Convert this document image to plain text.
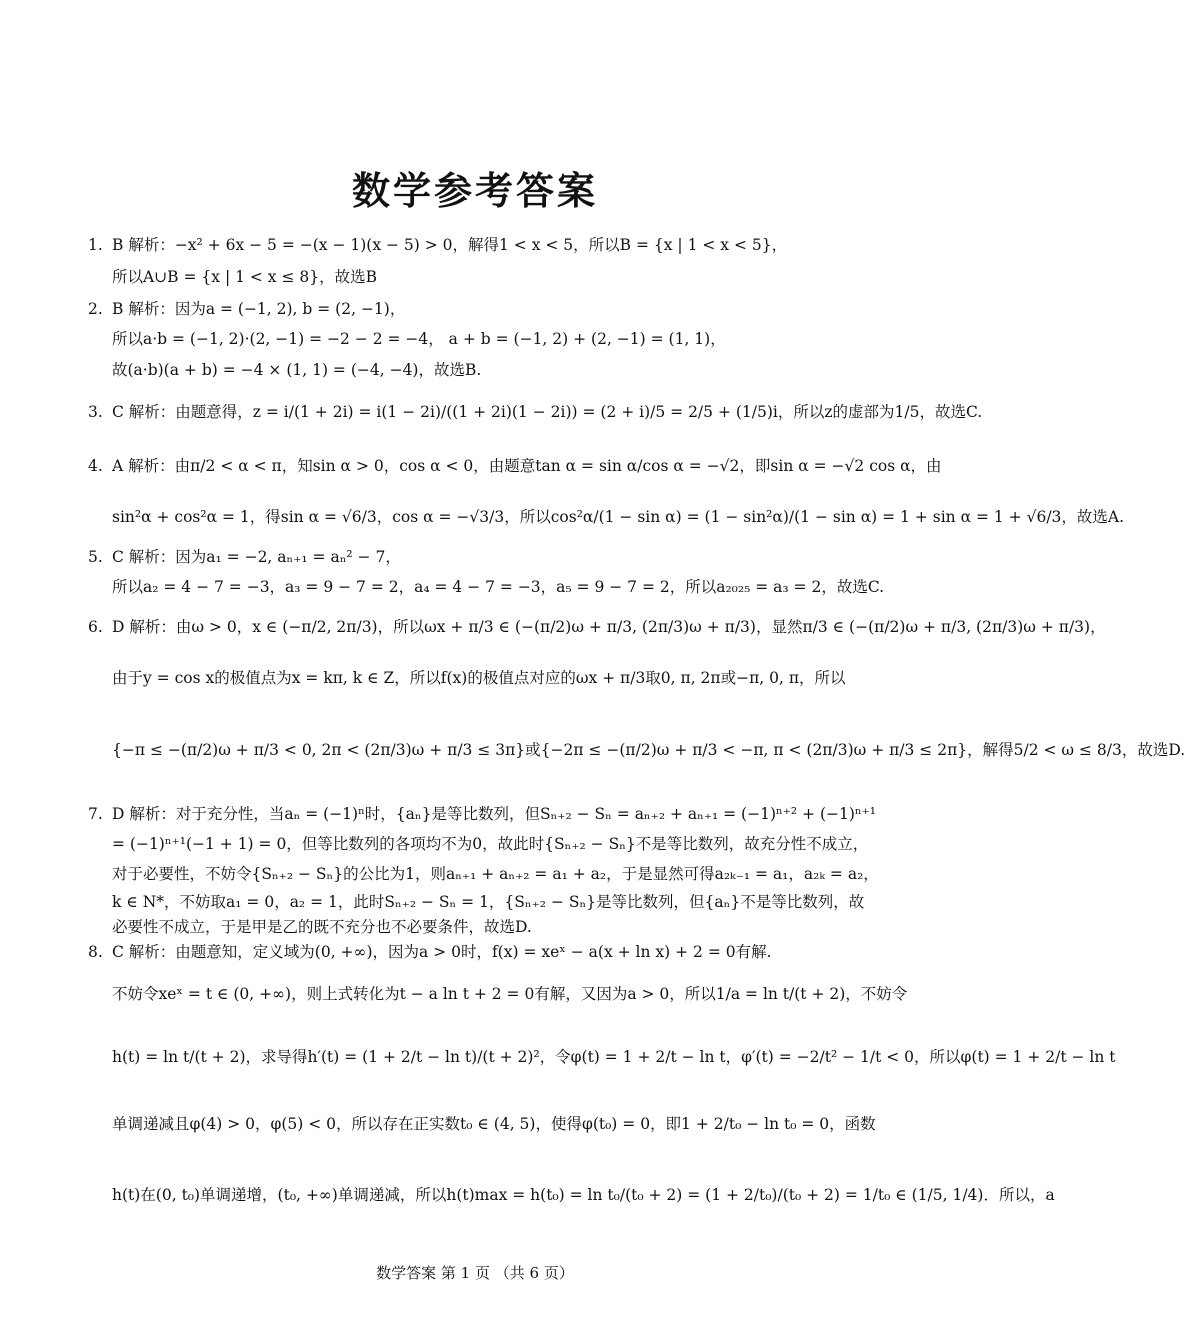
数学参考答案
1. B 解析：−x² + 6x − 5 = −(x − 1)(x − 5) > 0，解得1 < x < 5，所以B = {x | 1 < x < 5}，
所以A∪B = {x | 1 < x ≤ 8}，故选B
2. B 解析：因为a = (−1, 2), b = (2, −1)，
所以a·b = (−1, 2)·(2, −1) = −2 − 2 = −4， a + b = (−1, 2) + (2, −1) = (1, 1)，
故(a·b)(a + b) = −4 × (1, 1) = (−4, −4)，故选B.
3. C 解析：由题意得，z = i/(1 + 2i) = i(1 − 2i)/((1 + 2i)(1 − 2i)) = (2 + i)/5 = 2/5 + (1/5)i，所以z的虚部为1/5，故选C.
4. A 解析：由π/2 < α < π，知sin α > 0，cos α < 0，由题意tan α = sin α/cos α = −√2，即sin α = −√2 cos α，由
sin²α + cos²α = 1，得sin α = √6/3，cos α = −√3/3，所以cos²α/(1 − sin α) = (1 − sin²α)/(1 − sin α) = 1 + sin α = 1 + √6/3，故选A.
5. C 解析：因为a₁ = −2, aₙ₊₁ = aₙ² − 7，
所以a₂ = 4 − 7 = −3，a₃ = 9 − 7 = 2，a₄ = 4 − 7 = −3，a₅ = 9 − 7 = 2，所以a₂₀₂₅ = a₃ = 2，故选C.
6. D 解析：由ω > 0，x ∈ (−π/2, 2π/3)，所以ωx + π/3 ∈ (−(π/2)ω + π/3, (2π/3)ω + π/3)，显然π/3 ∈ (−(π/2)ω + π/3, (2π/3)ω + π/3)，
由于y = cos x的极值点为x = kπ, k ∈ Z，所以f(x)的极值点对应的ωx + π/3取0, π, 2π或−π, 0, π，所以
{−π ≤ −(π/2)ω + π/3 < 0, 2π < (2π/3)ω + π/3 ≤ 3π}或{−2π ≤ −(π/2)ω + π/3 < −π, π < (2π/3)ω + π/3 ≤ 2π}，解得5/2 < ω ≤ 8/3，故选D.
7. D 解析：对于充分性，当aₙ = (−1)ⁿ时，{aₙ}是等比数列，但Sₙ₊₂ − Sₙ = aₙ₊₂ + aₙ₊₁ = (−1)ⁿ⁺² + (−1)ⁿ⁺¹
= (−1)ⁿ⁺¹(−1 + 1) = 0，但等比数列的各项均不为0，故此时{Sₙ₊₂ − Sₙ}不是等比数列，故充分性不成立，
对于必要性，不妨令{Sₙ₊₂ − Sₙ}的公比为1，则aₙ₊₁ + aₙ₊₂ = a₁ + a₂，于是显然可得a₂ₖ₋₁ = a₁，a₂ₖ = a₂，
k ∈ N*，不妨取a₁ = 0，a₂ = 1，此时Sₙ₊₂ − Sₙ = 1，{Sₙ₊₂ − Sₙ}是等比数列，但{aₙ}不是等比数列，故
必要性不成立，于是甲是乙的既不充分也不必要条件，故选D.
8. C 解析：由题意知，定义域为(0, +∞)，因为a > 0时，f(x) = xeˣ − a(x + ln x) + 2 = 0有解.
不妨令xeˣ = t ∈ (0, +∞)，则上式转化为t − a ln t + 2 = 0有解，又因为a > 0，所以1/a = ln t/(t + 2)，不妨令
h(t) = ln t/(t + 2)，求导得h′(t) = (1 + 2/t − ln t)/(t + 2)²，令φ(t) = 1 + 2/t − ln t，φ′(t) = −2/t² − 1/t < 0，所以φ(t) = 1 + 2/t − ln t
单调递减且φ(4) > 0，φ(5) < 0，所以存在正实数t₀ ∈ (4, 5)，使得φ(t₀) = 0，即1 + 2/t₀ − ln t₀ = 0，函数
h(t)在(0, t₀)单调递增，(t₀, +∞)单调递减，所以h(t)max = h(t₀) = ln t₀/(t₀ + 2) = (1 + 2/t₀)/(t₀ + 2) = 1/t₀ ∈ (1/5, 1/4)．所以，a
数学答案 第 1 页 （共 6 页）
